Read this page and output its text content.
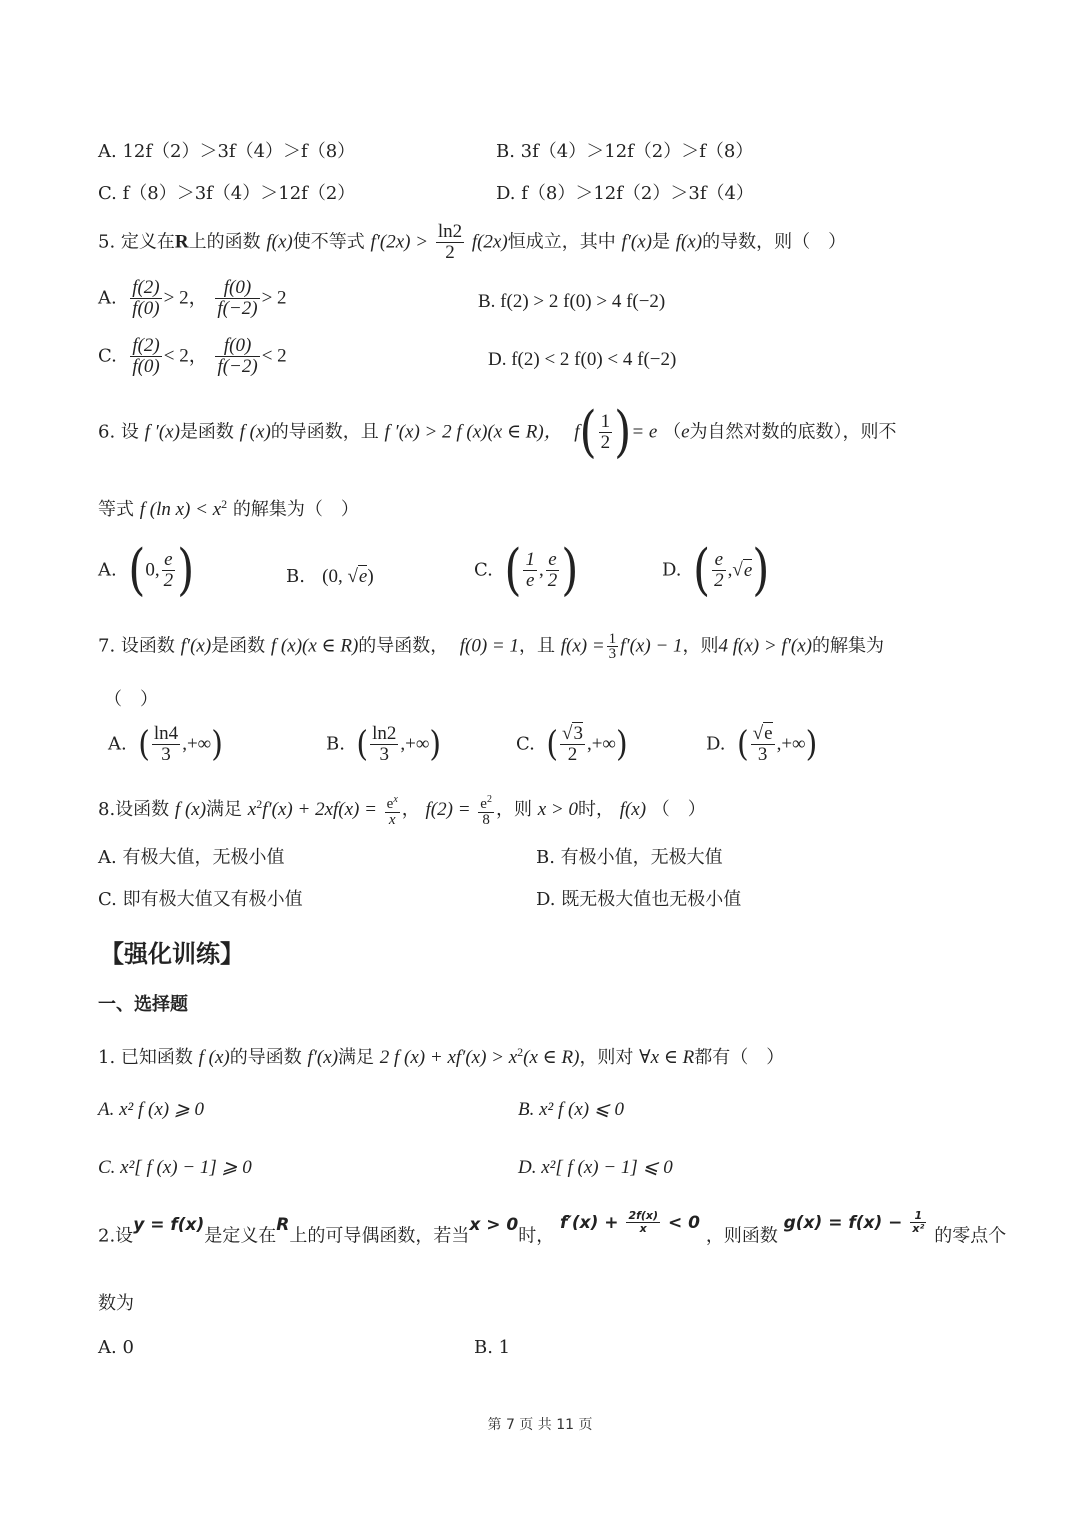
A. 12f（2）＞3f（4）＞f（8）	B. 3f（4）＞12f（2）＞f（8）
C. f（8）＞3f（4）＞12f（2）	D. f（8）＞12f（2）＞3f（4）
5. 定义在R上的函数 f(x)使不等式 $f'(2x) > \frac{\ln 2}{2} f(2x)$恒成立，其中 f′(x)是 f(x)的导数，则（　）
A. $\frac{f(2)}{f(0)} > 2$， $\frac{f(0)}{f(-2)} > 2$	B. f(2) > 2 f(0) > 4 f(−2)
C. $\frac{f(2)}{f(0)} < 2$， $\frac{f(0)}{f(-2)} < 2$	D. f(2) < 2 f(0) < 4 f(−2)
6. 设 f ′(x)是函数 f (x)的导函数，且 f ′(x) > 2 f (x)(x ∈ R)， $f( \frac{1}{2}$ )= e （e为自然对数的底数），则不
等式 f (ln $x) < x^2$ 的解集为（　）
A. (0, $\frac{e}{2}$ )	B. (0, √e)	C. ( $\frac{1}{e}$ , $\frac{e}{2}$ )	D. ( $\frac{e}{2} ,√e$)
7. 设函数 f′(x)是函数 f (x)(x ∈ R)的导函数， f(0) = 1，且 $f(x) = \frac{1}{3} f'(x) - 1$，则4 f(x) > f′(x)的解集为
（　）
A. ( $\frac{\ln 4}{3}$ ,+∞)	B. ( $\frac{\ln 2}{3}$ ,+∞)	C. ( $\frac{√3}{2}$ ,+∞)	D. ( $\frac{√e}{3}$ ,+∞)
8.设函数 f (x)满足 $x^2f'(x) + 2xf(x) = \frac{e^x}{x}$ ， $f(2) = \frac{e^2}{8}$ ，则 x > 0时， f(x) （　）
A. 有极大值，无极小值	B. 有极小值，无极大值
C. 即有极大值又有极小值	D. 既无极大值也无极小值
【强化训练】
一、选择题
1. 已知函数 f (x)的导函数 f′(x)满足 2 f $(x) + xf'(x) > x^2(x$ ∈ R)，则对 ∀x ∈ R都有（　）
A. x² f (x) ⩾ 0	B. x² f (x) ⩽ 0
C. x²[ f (x) − 1] ⩾ 0	D. x²[ f (x) − 1] ⩽ 0
2.设y = f(x)是定义在R上的可导偶函数，若当x > 0时， $f'(x) + \frac{2f(x)}{x} < 0$ ，则函数 $g(x) = f(x) - \frac{1}{\text{x²}}$
的零点个
数为
A. 0	B. 1
第 7 页 共 11 页
